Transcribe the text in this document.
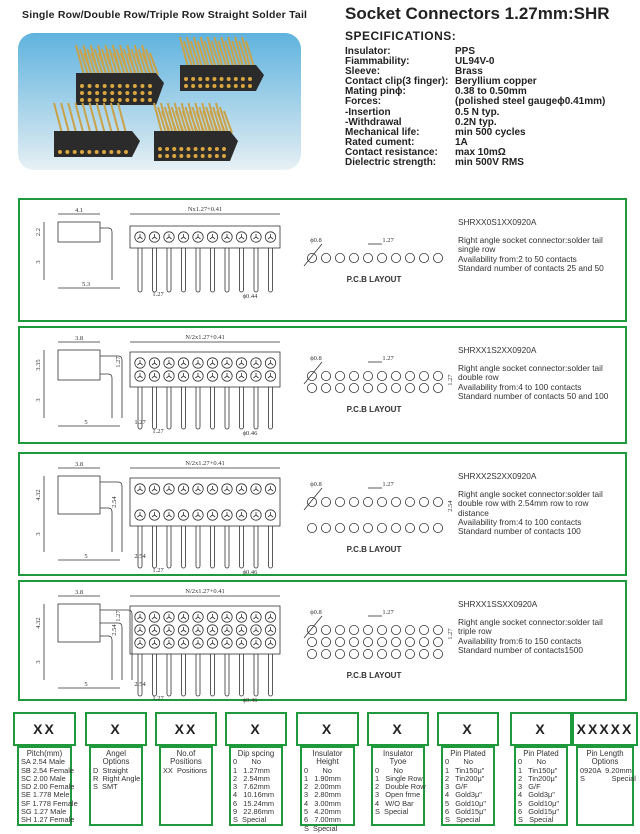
Single Row/Double Row/Triple Row Straight Solder Tail Socket Connectors 1.27mm:SHR
SPECIFICATIONS:
Insulator:	PPS
Fiammability:	UL94V-0
Sleeve:	Brass
Contact clip(3 finger): Beryllium copper
Mating pinϕ:	0.38 to 0.50mm
Forces:	(polished steel gaugeϕ0.41mm)
-Insertion	0.5 N typ.
-Withdrawal	0.2N typ.
Mechanical life:	min 500 cycles
Rated cument:	1A
Contact resistance:	max 10mΩ
Dielectric strength:	min 500V RMS
4.1
2.2
3
5.3
Nx1.27+0.41
1.27	ϕ0.44
ϕ0.8	1.27
P.C.B LAYOUT
SHRXX0S1XX0920A
Right angle socket connector:solder tail
single row
Availability from:2 to 50 contacts
Standard number of contacts 25 and 50
3.8
3.35
3
5	1.27
N/2x1.27+0.41
1.27	ϕ0.46
1.27	ϕ0.8	1.27
1.27
P.C.B LAYOUT
SHRXX1S2XX0920A
Right angle socket connector:solder tail
double row
Availability from:4 to 100 contacts
Standard number of contacts 50 and 100
3.8
4.32
3
5	2.54
N/2x1.27+0.41
1.27	ϕ0.46
2.54
ϕ0.8	1.27
2.54
P.C.B LAYOUT
SHRXX2S2XX0920A
Right angle socket connector:solder tail
double row with 2.54mm row to row
distance
Availability from:4 to 100 contacts
Standard number of contacts 100
3.8
4.32
3
5	2.54
N/2x1.27+0.41
1.27	ϕ0.46
1.27
2.54
ϕ0.8	1.27
1.27
P.C.B LAYOUT
SHRXX1SSXX0920A
Right angle socket connector:solder tail
triple row
Availability from:6 to 150 contacts
Standard number of contacts1500
XX
Pitch(mm)
SA 2.54 Male
SB 2.54 Female
SC 2.00 Male
SD 2.00 Female
SE 1.778 Mele
SF 1.778 Female
SG 1.27 Male
SH 1.27 Female
X
Angel Options
D  Straight
R  Right Angle
S  SMT
XX
No.of Positions
XX  Positions
X
Dip spcing
0       No
1   1.27mm
2   2.54mm
3   7.62mm
4   10.16mm
6   15.24mm
9   22.86mm
S  Special
X
Insulator Height
0       No
1   1.90mm
2   2.00mm
3   2.80mm
4   3.00mm
5   4.20mm
6   7.00mm
S  Special
X
Insulator Tyoe
0       No
1   Single Row
2   Double Row
3   Open frme
4   W/O Bar
S  Special
X
Pin Plated
0       No
1   Tin150μ"
2   Tin200μ"
3   G/F
4   Gold3μ"
5   Gold10μ"
6   Gold15μ"
S   Special
X
Pin Plated
0       No
1   Tin150μ"
2   Tin200μ"
3   G/F
4   Gold3μ"
5   Gold10μ"
6   Gold15μ"
S   Special
XXXXX
Pin Length Options
0920A  9.20mm
S             Special
